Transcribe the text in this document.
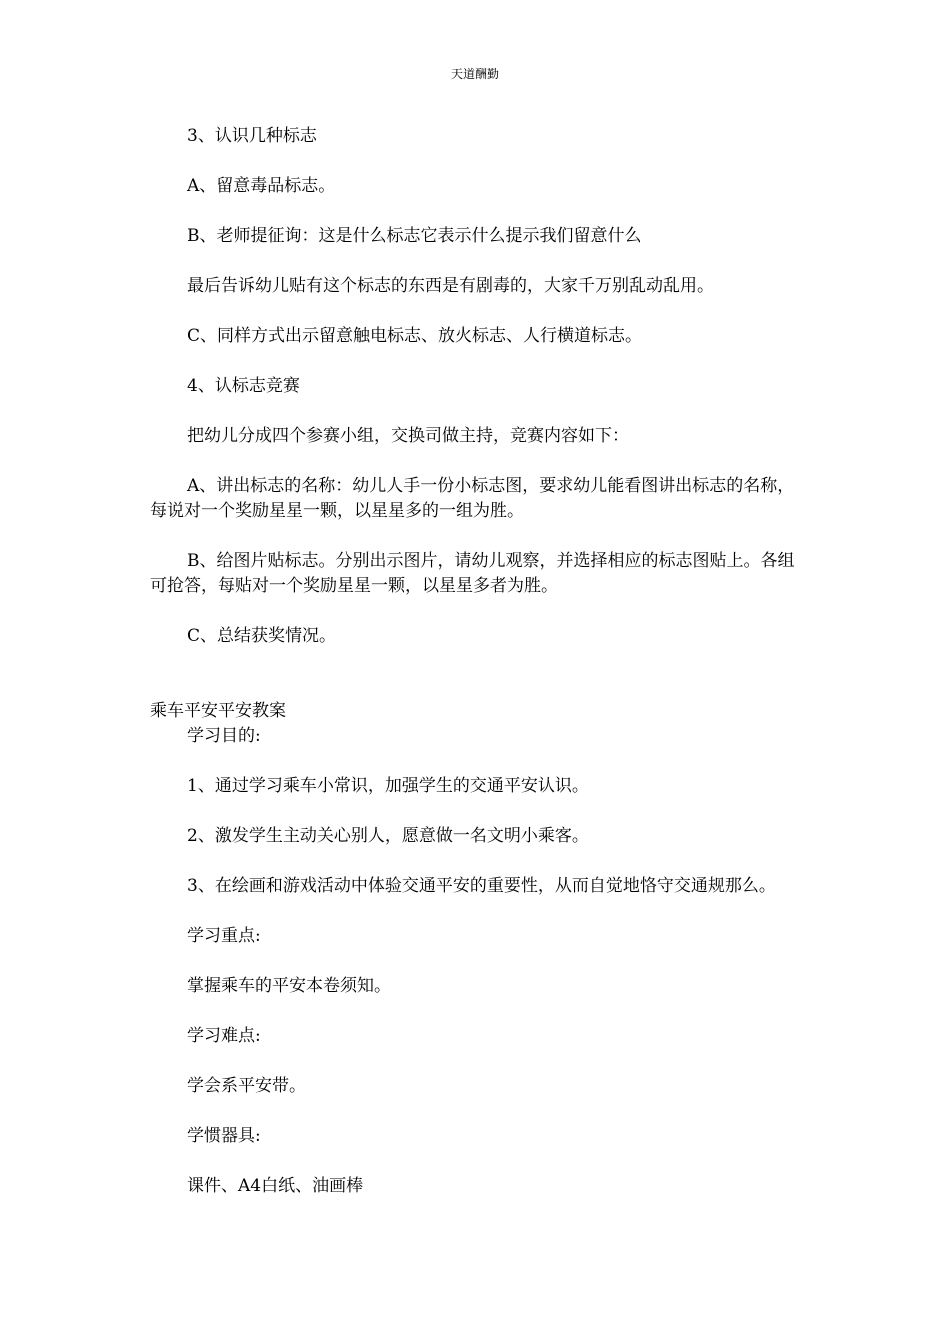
天道酬勤

3、认识几种标志

A、留意毒品标志。

B、老师提征询：这是什么标志它表示什么提示我们留意什么

最后告诉幼儿贴有这个标志的东西是有剧毒的，大家千万别乱动乱用。

C、同样方式出示留意触电标志、放火标志、人行横道标志。

4、认标志竞赛

把幼儿分成四个参赛小组，交换司做主持，竞赛内容如下：

A、讲出标志的名称：幼儿人手一份小标志图，要求幼儿能看图讲出标志的名称，每说对一个奖励星星一颗，以星星多的一组为胜。

B、给图片贴标志。分别出示图片，请幼儿观察，并选择相应的标志图贴上。各组可抢答，每贴对一个奖励星星一颗，以星星多者为胜。

C、总结获奖情况。

乘车平安平安教案

学习目的:

1、通过学习乘车小常识，加强学生的交通平安认识。

2、激发学生主动关心别人，愿意做一名文明小乘客。

3、在绘画和游戏活动中体验交通平安的重要性，从而自觉地恪守交通规那么。

学习重点:

掌握乘车的平安本卷须知。

学习难点:

学会系平安带。

学惯器具:

课件、A4白纸、油画棒
